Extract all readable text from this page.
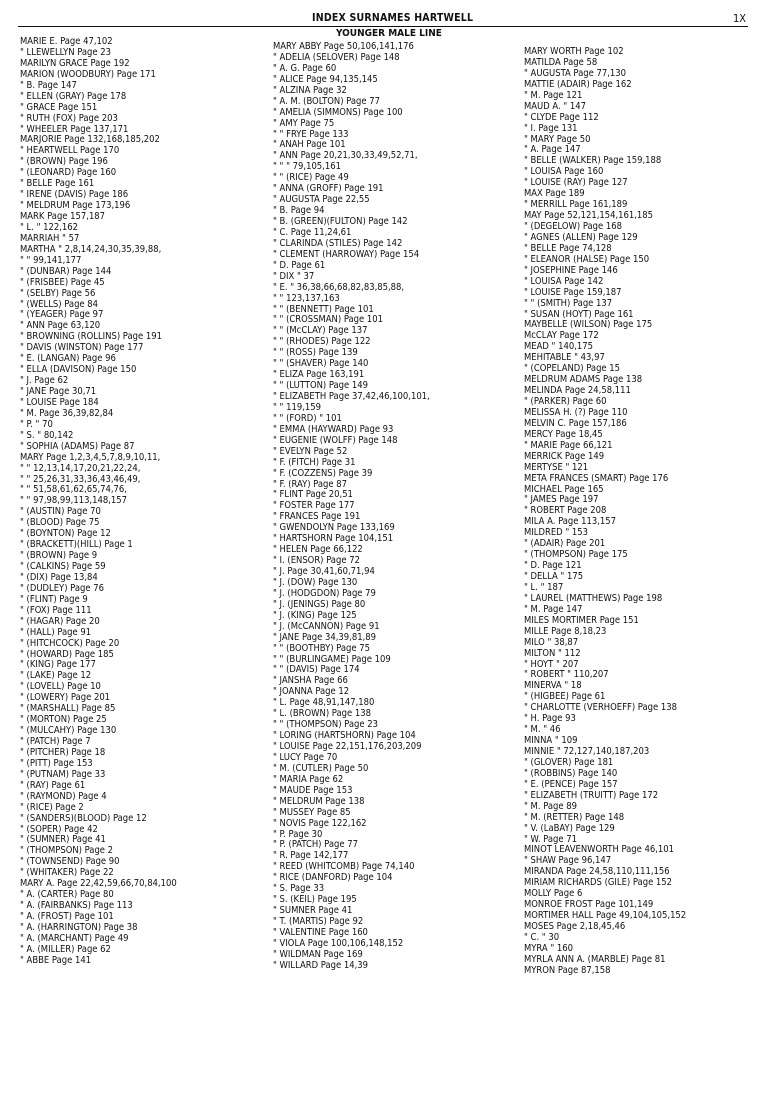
INDEX SURNAMES HARTWELL	1X
YOUNGER MALE LINE
MARIE E. Page 47,102
" LLEWELLYN Page 23
MARILYN GRACE Page 192
MARION (WOODBURY) Page 171
" B. Page 147
" ELLEN (GRAY) Page 178
" GRACE Page 151
" RUTH (FOX) Page 203
" WHEELER Page 137,171
MARJORIE Page 132,168,185,202
" HEARTWELL Page 170
" (BROWN) Page 196
" (LEONARD) Page 160
" BELLE Page 161
" IRENE (DAVIS) Page 186
" MELDRUM Page 173,196
MARK Page 157,187
" L. " 122,162
MARRIAH " 57
MARTHA " 2,8,14,24,30,35,39,88,
" " 99,141,177
" (DUNBAR) Page 144
" (FRISBEE) Page 45
" (SELBY) Page 56
" (WELLS) Page 84
" (YEAGER) Page 97
" ANN Page 63,120
" BROWNING (ROLLINS) Page 191
" DAVIS (WINSTON) Page 177
" E. (LANGAN) Page 96
" ELLA (DAVISON) Page 150
" J. Page 62
" JANE Page 30,71
" LOUISE Page 184
" M. Page 36,39,82,84
" P. " 70
" S. " 80,142
" SOPHIA (ADAMS) Page 87
MARY Page 1,2,3,4,5,7,8,9,10,11,
" " 12,13,14,17,20,21,22,24,
" " 25,26,31,33,36,43,46,49,
" " 51,58,61,62,65,74,76,
" " 97,98,99,113,148,157
" (AUSTIN) Page 70
" (BLOOD) Page 75
" (BOYNTON) Page 12
" (BRACKETT)(HILL) Page 1
" (BROWN) Page 9
" (CALKINS) Page 59
" (DIX) Page 13,84
" (DUDLEY) Page 76
" (FLINT) Page 9
" (FOX) Page 111
" (HAGAR) Page 20
" (HALL) Page 91
" (HITCHCOCK) Page 20
" (HOWARD) Page 185
" (KING) Page 177
" (LAKE) Page 12
" (LOVELL) Page 10
" (LOWERY) Page 201
" (MARSHALL) Page 85
" (MORTON) Page 25
" (MULCAHY) Page 130
" (PATCH) Page 7
" (PITCHER) Page 18
" (PITT) Page 153
" (PUTNAM) Page 33
" (RAY) Page 61
" (RAYMOND) Page 4
" (RICE) Page 2
" (SANDERS)(BLOOD) Page 12
" (SOPER) Page 42
" (SUMNER) Page 41
" (THOMPSON) Page 2
" (TOWNSEND) Page 90
" (WHITAKER) Page 22
MARY A. Page 22,42,59,66,70,84,100
" A. (CARTER) Page 80
" A. (FAIRBANKS) Page 113
" A. (FROST) Page 101
" A. (HARRINGTON) Page 38
" A. (MARCHANT) Page 49
" A. (MILLER) Page 62
" ABBE Page 141
MARY ABBY Page 50,106,141,176
" ADELIA (SELOVER) Page 148
" A. G. Page 60
" ALICE Page 94,135,145
" ALZINA Page 32
" A. M. (BOLTON) Page 77
" AMELIA (SIMMONS) Page 100
" AMY Page 75
" " FRYE Page 133
" ANAH Page 101
" ANN Page 20,21,30,33,49,52,71,
" " " 79,105,161
" " (RICE) Page 49
" ANNA (GROFF) Page 191
" AUGUSTA Page 22,55
" B. Page 94
" B. (GREEN)(FULTON) Page 142
" C. Page 11,24,61
" CLARINDA (STILES) Page 142
" CLEMENT (HARROWAY) Page 154
" D. Page 61
" DIX " 37
" E. " 36,38,66,68,82,83,85,88,
" " 123,137,163
" " (BENNETT) Page 101
" " (CROSSMAN) Page 101
" " (McCLAY) Page 137
" " (RHODES) Page 122
" " (ROSS) Page 139
" " (SHAVER) Page 140
" ELIZA Page 163,191
" " (LUTTON) Page 149
" ELIZABETH Page 37,42,46,100,101,
" " 119,159
" " (FORD) " 101
" EMMA (HAYWARD) Page 93
" EUGENIE (WOLFF) Page 148
" EVELYN Page 52
" F. (FITCH) Page 31
" F. (COZZENS) Page 39
" F. (RAY) Page 87
" FLINT Page 20,51
" FOSTER Page 177
" FRANCES Page 191
" GWENDOLYN Page 133,169
" HARTSHORN Page 104,151
" HELEN Page 66,122
" I. (ENSOR) Page 72
" J. Page 30,41,60,71,94
" J. (DOW) Page 130
" J. (HODGDON) Page 79
" J. (JENINGS) Page 80
" J. (KING) Page 125
" J. (McCANNON) Page 91
" JANE Page 34,39,81,89
" " (BOOTHBY) Page 75
" " (BURLINGAME) Page 109
" " (DAVIS) Page 174
" JANSHA Page 66
" JOANNA Page 12
" L. Page 48,91,147,180
" L. (BROWN) Page 138
" " (THOMPSON) Page 23
" LORING (HARTSHORN) Page 104
" LOUISE Page 22,151,176,203,209
" LUCY Page 70
" M. (CUTLER) Page 50
" MARIA Page 62
" MAUDE Page 153
" MELDRUM Page 138
" MUSSEY Page 85
" NOVIS Page 122,162
" P. Page 30
" P. (PATCH) Page 77
" R. Page 142,177
" REED (WHITCOMB) Page 74,140
" RICE (DANFORD) Page 104
" S. Page 33
" S. (KEIL) Page 195
" SUMNER Page 41
" T. (MARTIS) Page 92
" VALENTINE Page 160
" VIOLA Page 100,106,148,152
" WILDMAN Page 169
" WILLARD Page 14,39
MARY WORTH Page 102
MATILDA Page 58
" AUGUSTA Page 77,130
MATTIE (ADAIR) Page 162
" M. Page 121
MAUD A. " 147
" CLYDE Page 112
" I. Page 131
" MARY Page 50
" A. Page 147
" BELLE (WALKER) Page 159,188
" LOUISA Page 160
" LOUISE (RAY) Page 127
MAX Page 189
" MERRILL Page 161,189
MAY Page 52,121,154,161,185
" (DEGELOW) Page 168
" AGNES (ALLEN) Page 129
" BELLE Page 74,128
" ELEANOR (HALSE) Page 150
" JOSEPHINE Page 146
" LOUISA Page 142
" LOUISE Page 159,187
" " (SMITH) Page 137
" SUSAN (HOYT) Page 161
MAYBELLE (WILSON) Page 175
McCLAY Page 172
MEAD " 140,175
MEHITABLE " 43,97
" (COPELAND) Page 15
MELDRUM ADAMS Page 138
MELINDA Page 24,58,111
" (PARKER) Page 60
MELISSA H. (?) Page 110
MELVIN C. Page 157,186
MERCY Page 18,45
" MARIE Page 66,121
MERRICK Page 149
MERTYSE " 121
META FRANCES (SMART) Page 176
MICHAEL Page 165
" JAMES Page 197
" ROBERT Page 208
MILA A. Page 113,157
MILDRED " 153
" (ADAIR) Page 201
" (THOMPSON) Page 175
" D. Page 121
" DELLA " 175
" L. " 187
" LAUREL (MATTHEWS) Page 198
" M. Page 147
MILES MORTIMER Page 151
MILLE Page 8,18,23
MILO " 38,87
MILTON " 112
" HOYT " 207
" ROBERT " 110,207
MINERVA " 18
" (HIGBEE) Page 61
" CHARLOTTE (VERHOEFF) Page 138
" H. Page 93
" M. " 46
MINNA " 109
MINNIE " 72,127,140,187,203
" (GLOVER) Page 181
" (ROBBINS) Page 140
" E. (PENCE) Page 157
" ELIZABETH (TRUITT) Page 172
" M. Page 89
" M. (RETTER) Page 148
" V. (LaBAY) Page 129
" W. Page 71
MINOT LEAVENWORTH Page 46,101
" SHAW Page 96,147
MIRANDA Page 24,58,110,111,156
MIRIAM RICHARDS (GILE) Page 152
MOLLY Page 6
MONROE FROST Page 101,149
MORTIMER HALL Page 49,104,105,152
MOSES Page 2,18,45,46
" C. " 30
MYRA " 160
MYRLA ANN A. (MARBLE) Page 81
MYRON Page 87,158
